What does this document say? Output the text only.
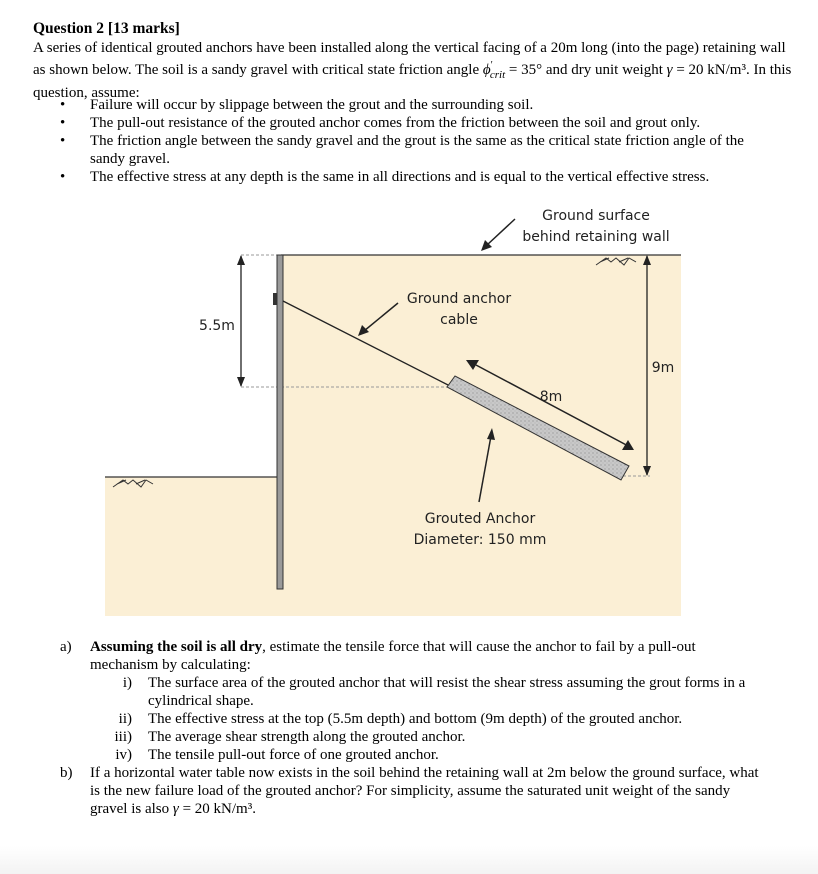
Question 2 [13 marks]
A series of identical grouted anchors have been installed along the vertical facing of a 20m long (into the page) retaining wall as shown below. The soil is a sandy gravel with critical state friction angle $\phi'_{crit} = 35^\circ$ and dry unit weight γ = 20 kN/m³. In this question, assume:
• Failure will occur by slippage between the grout and the surrounding soil.
• The pull-out resistance of the grouted anchor comes from the friction between the soil and grout only.
• The friction angle between the sandy gravel and the grout is the same as the critical state friction angle of the sandy gravel.
• The effective stress at any depth is the same in all directions and is equal to the vertical effective stress.
Ground surface
behind retaining wall
Ground anchor
cable
5.5m
9m
8m
Grouted Anchor
Diameter: 150 mm
a) Assuming the soil is all dry, estimate the tensile force that will cause the anchor to fail by a pull-out mechanism by calculating:
i) The surface area of the grouted anchor that will resist the shear stress assuming the grout forms in a cylindrical shape.
ii) The effective stress at the top (5.5m depth) and bottom (9m depth) of the grouted anchor.
iii) The average shear strength along the grouted anchor.
iv) The tensile pull-out force of one grouted anchor.
b) If a horizontal water table now exists in the soil behind the retaining wall at 2m below the ground surface, what is the new failure load of the grouted anchor? For simplicity, assume the saturated unit weight of the sandy gravel is also γ = 20 kN/m³.
